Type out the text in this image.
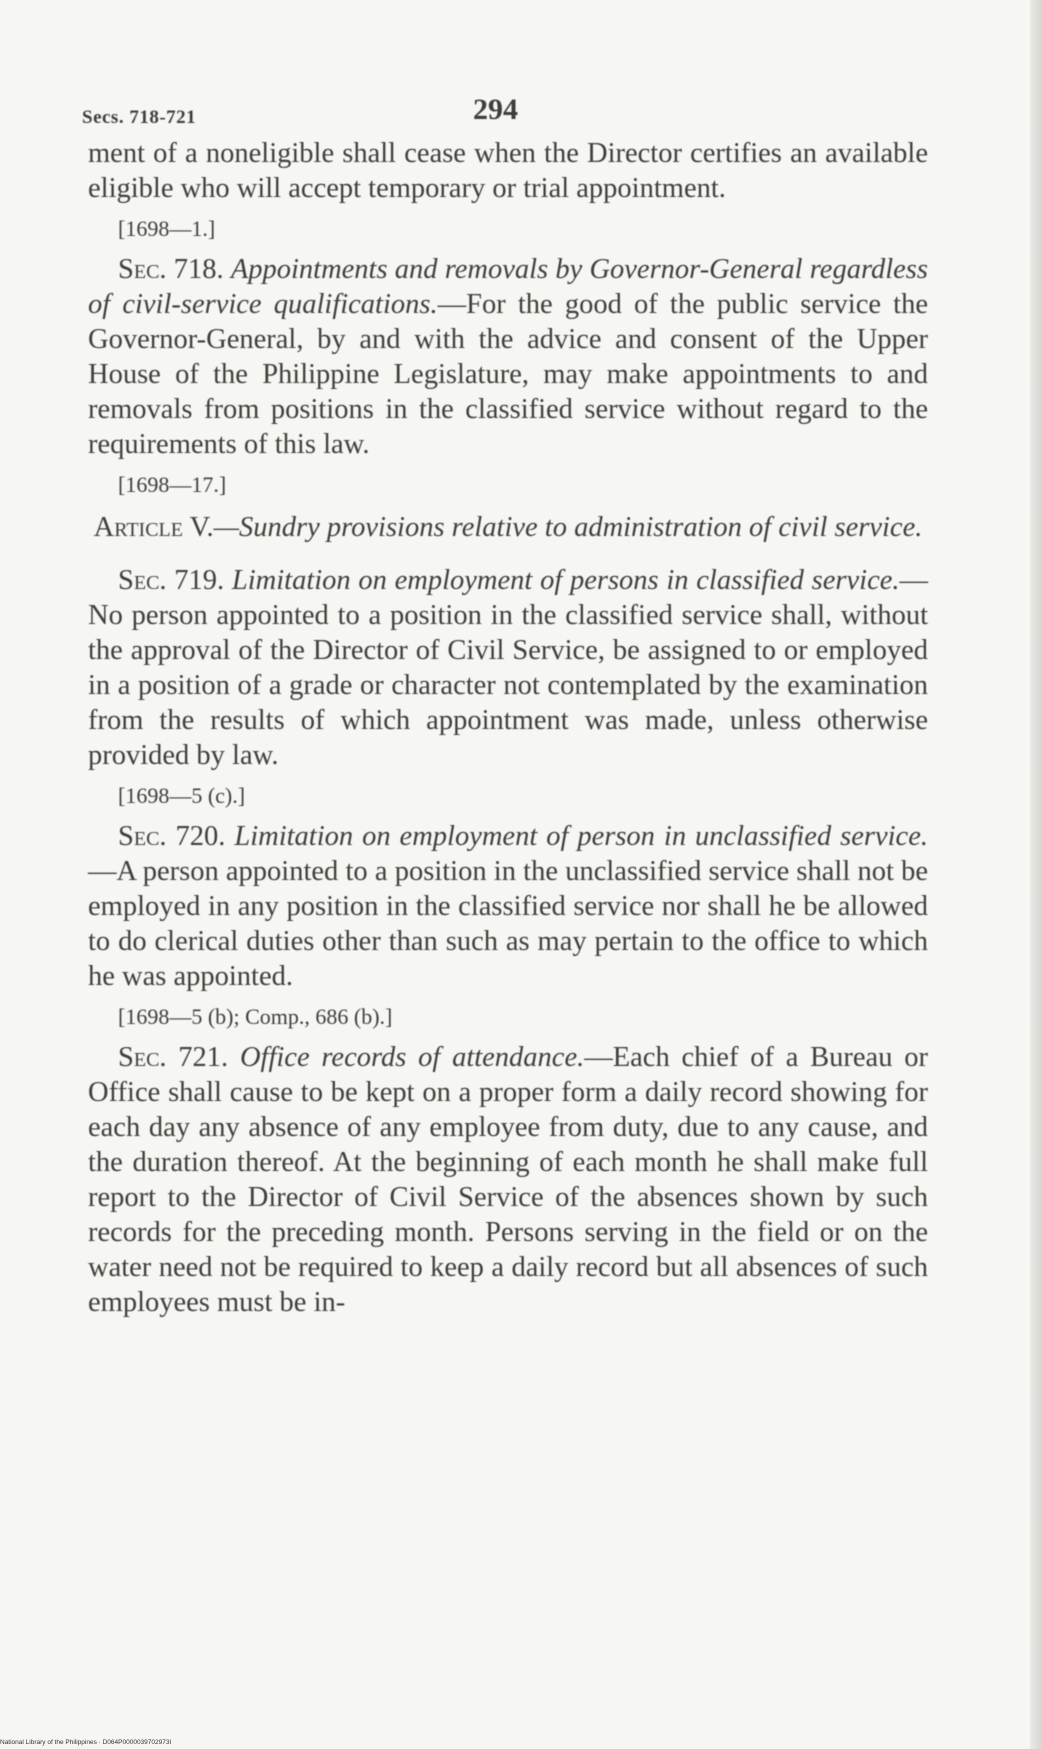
Secs. 718-721	294

ment of a noneligible shall cease when the Director certifies an available eligible who will accept temporary or trial appointment.

[1698—1.]

Sec. 718. Appointments and removals by Governor-General regardless of civil-service qualifications.—For the good of the public service the Governor-General, by and with the advice and consent of the Upper House of the Philippine Legislature, may make appointments to and removals from positions in the classified service without regard to the requirements of this law.

[1698—17.]
Article V.—Sundry provisions relative to administration of civil service.

Sec. 719. Limitation on employment of persons in classified service.—No person appointed to a position in the classified service shall, without the approval of the Director of Civil Service, be assigned to or employed in a position of a grade or character not contemplated by the examination from the results of which appointment was made, unless otherwise provided by law.

[1698—5 (c).]

Sec. 720. Limitation on employment of person in unclassified service.—A person appointed to a position in the unclassified service shall not be employed in any position in the classified service nor shall he be allowed to do clerical duties other than such as may pertain to the office to which he was appointed.

[1698—5 (b); Comp., 686 (b).]

Sec. 721. Office records of attendance.—Each chief of a Bureau or Office shall cause to be kept on a proper form a daily record showing for each day any absence of any employee from duty, due to any cause, and the duration thereof. At the beginning of each month he shall make full report to the Director of Civil Service of the absences shown by such records for the preceding month. Persons serving in the field or on the water need not be required to keep a daily record but all absences of such employees must be in-

National Library of the Philippines · D064P0000039702973I
